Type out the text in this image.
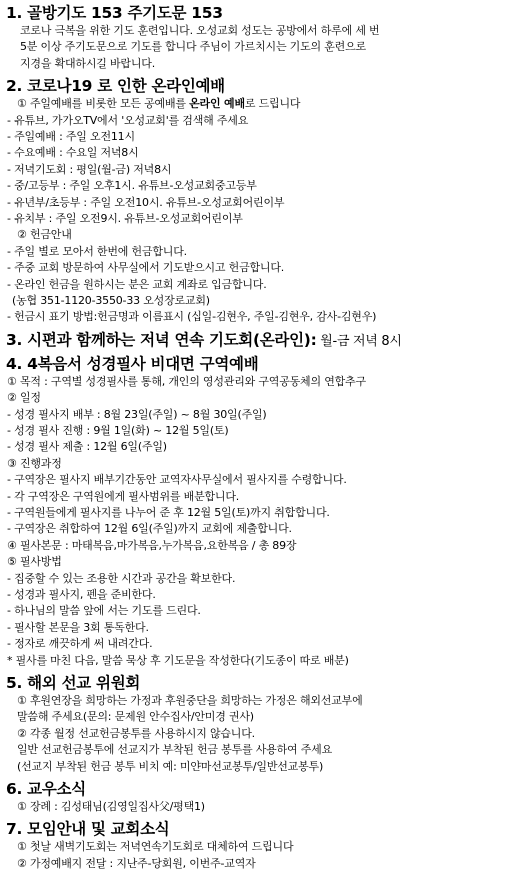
1. 골방기도 153 주기도문 153
코로나 극복을 위한 기도 훈련입니다. 오성교회 성도는 공방에서 하루에 세 번
5분 이상 주기도문으로 기도를 합니다 주님이 가르치시는 기도의 훈련으로
지경을 확대하시길 바랍니다.
2. 코로나19 로 인한 온라인예배
① 주일예배를 비롯한 모든 공예배를 온라인 예배로 드립니다
- 유튜브, 가가오TV에서 '오성교회'를 검색해 주세요
- 주일예배 : 주일 오전11시
- 수요예배 : 수요일 저녁8시
- 저녁기도회 : 평일(월-금) 저녁8시
- 중/고등부 : 주일 오후1시. 유튜브-오성교회중고등부
- 유년부/초등부 : 주일 오전10시. 유튜브-오성교회어린이부
- 유치부 : 주일 오전9시. 유튜브-오성교회어린이부
② 헌금안내
- 주일 별로 모아서 한번에 헌금합니다.
- 주중 교회 방문하여 사무실에서 기도받으시고 헌금합니다.
- 온라인 헌금을 원하시는 분은 교회 계좌로 입금합니다.
(농협 351-1120-3550-33 오성장로교회)
- 헌금시 표기 방법:헌금명과 이름표시 (십일-김현우, 주일-김현우, 감사-김현우)
3. 시편과 함께하는 저녁 연속 기도회(온라인): 월-금 저녁 8시
4. 4복음서 성경필사 비대면 구역예배
① 목적 : 구역별 성경필사를 통해, 개인의 영성관리와 구역공동체의 연합추구
② 일정
- 성경 필사지 배부 : 8월 23일(주일) ~ 8월 30일(주일)
- 성경 필사 진행 : 9월 1일(화) ~ 12월 5일(토)
- 성경 필사 제출 : 12월 6일(주일)
③ 진행과정
- 구역장은 필사지 배부기간동안 교역자사무실에서 필사지를 수령합니다.
- 각 구역장은 구역원에게 필사범위를 배분합니다.
- 구역원들에게 필사지를 나누어 준 후 12월 5일(토)까지 취합합니다.
- 구역장은 취합하여 12월 6일(주일)까지 교회에 제출합니다.
④ 필사본문 : 마태복음,마가복음,누가복음,요한복음 / 총 89장
⑤ 필사방법
- 집중할 수 있는 조용한 시간과 공간을 확보한다.
- 성경과 필사지, 펜을 준비한다.
- 하나님의 말씀 앞에 서는 기도를 드린다.
- 필사할 본문을 3회 통독한다.
- 정자로 깨끗하게 써 내려간다.
* 필사를 마친 다음, 말씀 묵상 후 기도문을 작성한다(기도종이 따로 배분)
5. 해외 선교 위원회
① 후원연장을 희망하는 가정과 후원중단을 희망하는 가정은 해외선교부에
말씀해 주세요(문의: 문제원 안수집사/안미경 권사)
② 각종 월정 선교헌금봉투를 사용하시지 않습니다.
일반 선교헌금봉투에 선교지가 부착된 헌금 봉투를 사용하여 주세요
(선교지 부착된 헌금 봉투 비치 예: 미얀마선교봉투/일반선교봉투)
6. 교우소식
① 장례 : 김성태님(김영일집사父/평택1)
7. 모임안내 및 교회소식
① 첫날 새벽기도회는 저녁연속기도회로 대체하여 드립니다
② 가정예배지 전달 : 지난주-당회원, 이번주-교역자
